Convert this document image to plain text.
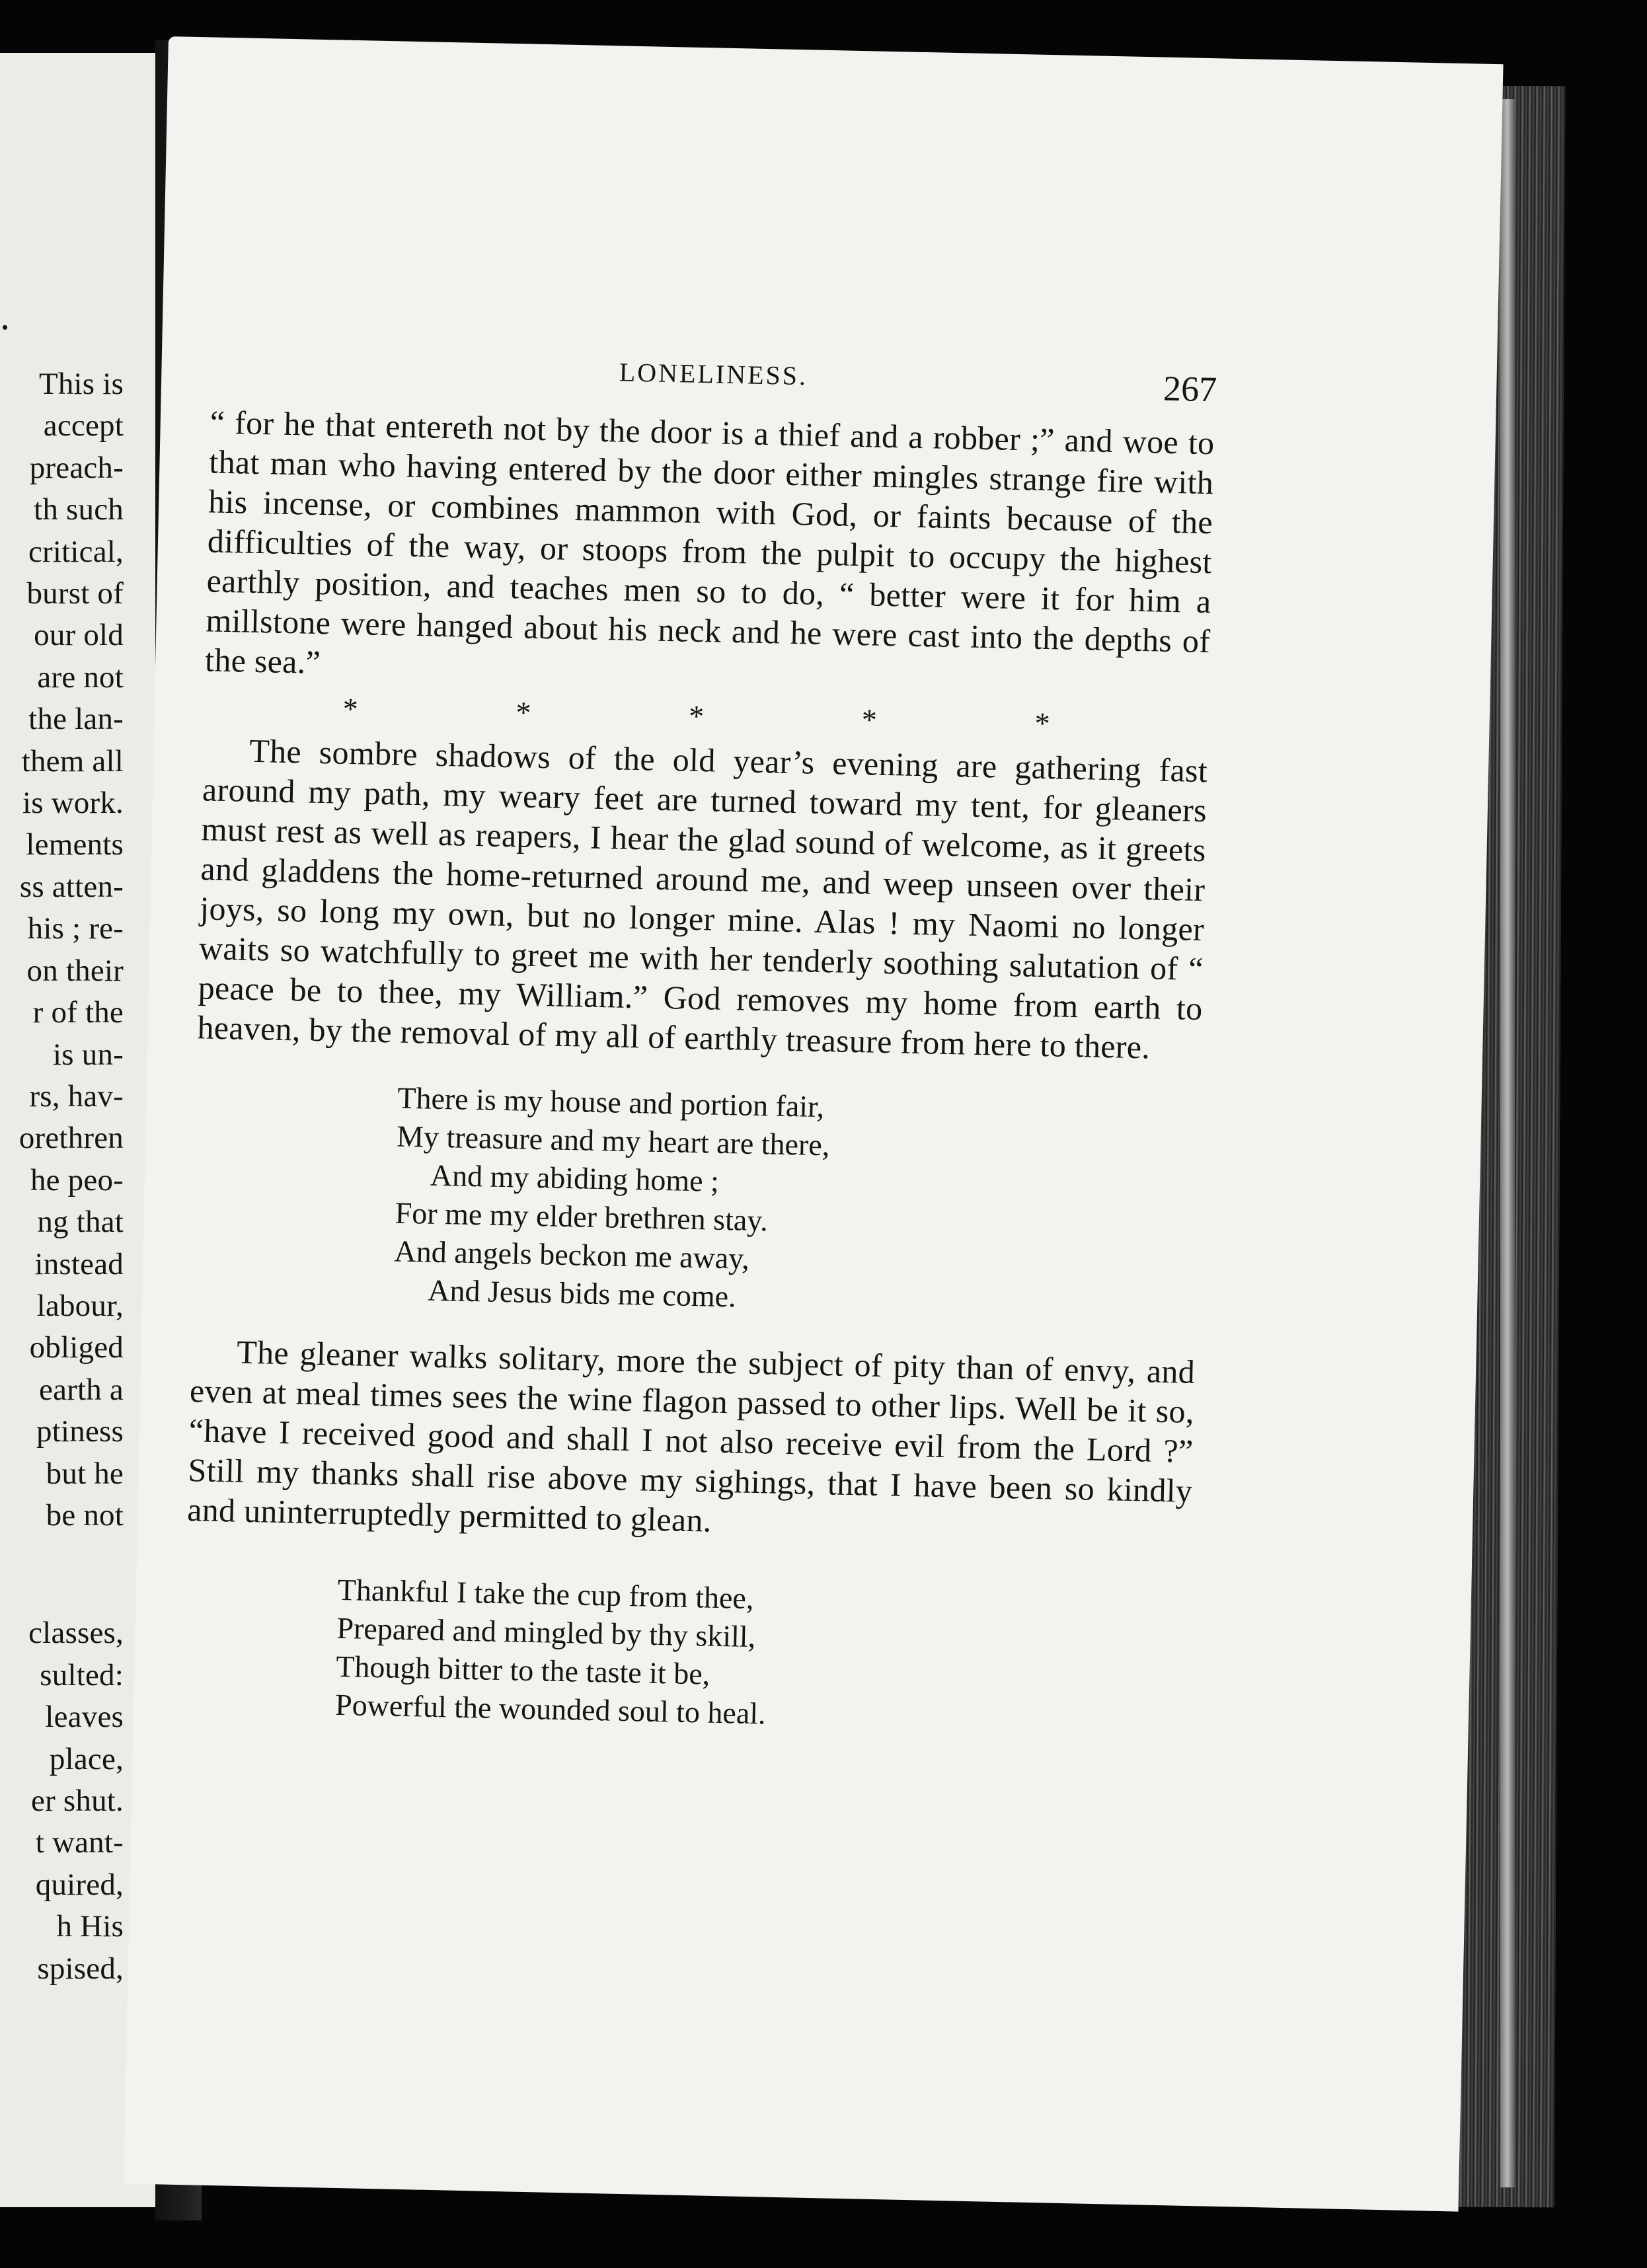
.
This is
accept
preach-
th such
critical,
burst of
our old
are not
the lan-
them all
is work.
lements
ss atten-
his ; re-
on their
r of the
is un-
rs, hav-
orethren
he peo-
ng that
instead
labour,
obliged
earth a
ptiness
but he
be not
classes,
sulted:
leaves
place,
er shut.
t want-
quired,
h His
spised,
LONELINESS.	267

“ for he that entereth not by the door is a thief and a robber ;” and woe to that man who having entered by the door either mingles strange fire with his incense, or combines mammon with God, or faints because of the difficulties of the way, or stoops from the pulpit to occupy the highest earthly position, and teaches men so to do, “ better were it for him a millstone were hanged about his neck and he were cast into the depths of the sea.”

*	*	*	*	*

The sombre shadows of the old year’s evening are gathering fast around my path, my weary feet are turned toward my tent, for gleaners must rest as well as reapers, I hear the glad sound of welcome, as it greets and gladdens the home-returned around me, and weep unseen over their joys, so long my own, but no longer mine. Alas ! my Naomi no longer waits so watchfully to greet me with her tenderly soothing salutation of “ peace be to thee, my William.” God removes my home from earth to heaven, by the removal of my all of earthly treasure from here to there.

There is my house and portion fair,
My treasure and my heart are there,
And my abiding home ;
For me my elder brethren stay.
And angels beckon me away,
And Jesus bids me come.

The gleaner walks solitary, more the subject of pity than of envy, and even at meal times sees the wine flagon passed to other lips. Well be it so, “have I received good and shall I not also receive evil from the Lord ?” Still my thanks shall rise above my sighings, that I have been so kindly and uninterruptedly permitted to glean.

Thankful I take the cup from thee,
Prepared and mingled by thy skill,
Though bitter to the taste it be,
Powerful the wounded soul to heal.
